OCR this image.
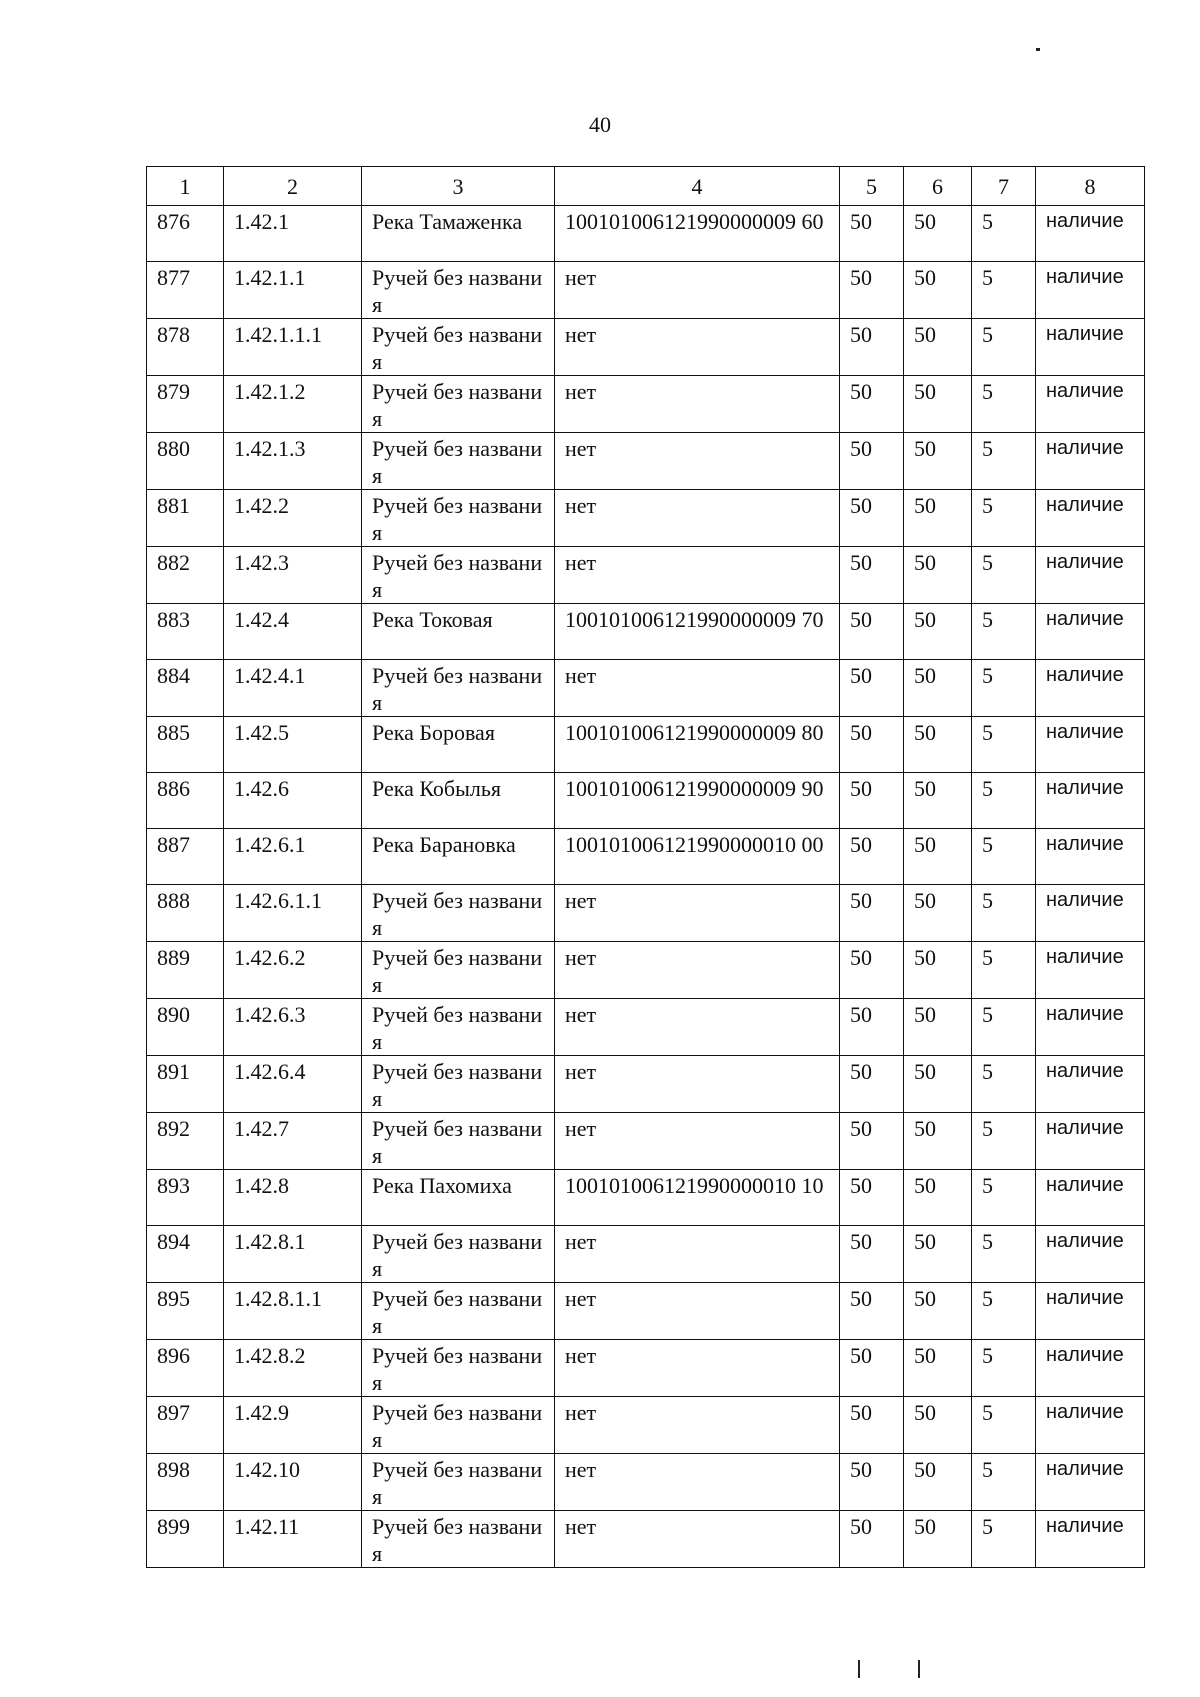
40
1	2	3	4	5	6	7	8
876	1.42.1	Река Тамаженка	100101006121990000009 60	50	50	5	наличие
877	1.42.1.1	Ручей без названия	нет	50	50	5	наличие
878	1.42.1.1.1	Ручей без названия	нет	50	50	5	наличие
879	1.42.1.2	Ручей без названия	нет	50	50	5	наличие
880	1.42.1.3	Ручей без названия	нет	50	50	5	наличие
881	1.42.2	Ручей без названия	нет	50	50	5	наличие
882	1.42.3	Ручей без названия	нет	50	50	5	наличие
883	1.42.4	Река Токовая	100101006121990000009 70	50	50	5	наличие
884	1.42.4.1	Ручей без названия	нет	50	50	5	наличие
885	1.42.5	Река Боровая	100101006121990000009 80	50	50	5	наличие
886	1.42.6	Река Кобылья	100101006121990000009 90	50	50	5	наличие
887	1.42.6.1	Река Барановка	100101006121990000010 00	50	50	5	наличие
888	1.42.6.1.1	Ручей без названия	нет	50	50	5	наличие
889	1.42.6.2	Ручей без названия	нет	50	50	5	наличие
890	1.42.6.3	Ручей без названия	нет	50	50	5	наличие
891	1.42.6.4	Ручей без названия	нет	50	50	5	наличие
892	1.42.7	Ручей без названия	нет	50	50	5	наличие
893	1.42.8	Река Пахомиха	100101006121990000010 10	50	50	5	наличие
894	1.42.8.1	Ручей без названия	нет	50	50	5	наличие
895	1.42.8.1.1	Ручей без названия	нет	50	50	5	наличие
896	1.42.8.2	Ручей без названия	нет	50	50	5	наличие
897	1.42.9	Ручей без названия	нет	50	50	5	наличие
898	1.42.10	Ручей без названия	нет	50	50	5	наличие
899	1.42.11	Ручей без названия	нет	50	50	5	наличие
